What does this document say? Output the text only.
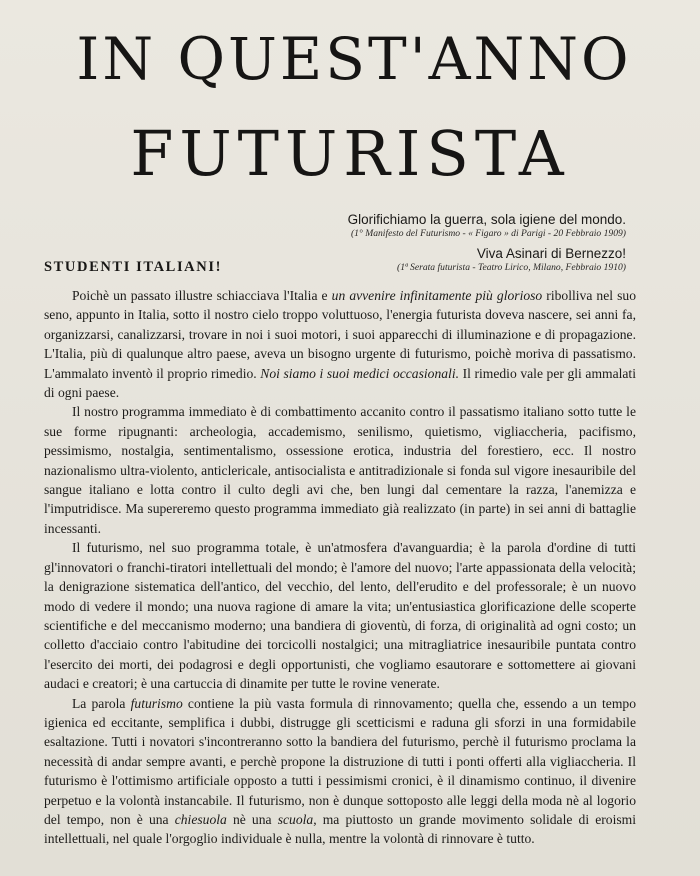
IN QUEST'ANNO
FUTURISTA
Glorifichiamo la guerra, sola igiene del mondo.
(1° Manifesto del Futurismo - « Figaro » di Parigi - 20 Febbraio 1909)
Viva Asinari di Bernezzo!
(1ª Serata futurista - Teatro Lirico, Milano, Febbraio 1910)
STUDENTI ITALIANI!

Poichè un passato illustre schiacciava l'Italia e un avvenire infinitamente più glorioso ribolliva nel suo seno, appunto in Italia, sotto il nostro cielo troppo voluttuoso, l'energia futurista doveva nascere, sei anni fa, organizzarsi, canalizzarsi, trovare in noi i suoi motori, i suoi apparecchi di illuminazione e di propagazione. L'Italia, più di qualunque altro paese, aveva un bisogno urgente di futurismo, poichè moriva di passatismo. L'ammalato inventò il proprio rimedio. Noi siamo i suoi medici occasionali. Il rimedio vale per gli ammalati di ogni paese.

Il nostro programma immediato è di combattimento accanito contro il passatismo italiano sotto tutte le sue forme ripugnanti: archeologia, accademismo, senilismo, quietismo, vigliaccheria, pacifismo, pessimismo, nostalgia, sentimentalismo, ossessione erotica, industria del forestiero, ecc. Il nostro nazionalismo ultra-violento, anticlericale, antisocialista e antitradizionale si fonda sul vigore inesauribile del sangue italiano e lotta contro il culto degli avi che, ben lungi dal cementare la razza, l'anemizza e l'imputridisce. Ma supereremo questo programma immediato già realizzato (in parte) in sei anni di battaglie incessanti.

Il futurismo, nel suo programma totale, è un'atmosfera d'avanguardia; è la parola d'ordine di tutti gl'innovatori o franchi-tiratori intellettuali del mondo; è l'amore del nuovo; l'arte appassionata della velocità; la denigrazione sistematica dell'antico, del vecchio, del lento, dell'erudito e del professorale; è un nuovo modo di vedere il mondo; una nuova ragione di amare la vita; un'entusiastica glorificazione delle scoperte scientifiche e del meccanismo moderno; una bandiera di gioventù, di forza, di originalità ad ogni costo; un colletto d'acciaio contro l'abitudine dei torcicolli nostalgici; una mitragliatrice inesauribile puntata contro l'esercito dei morti, dei podagrosi e degli opportunisti, che vogliamo esautorare e sottomettere ai giovani audaci e creatori; è una cartuccia di dinamite per tutte le rovine venerate.

La parola futurismo contiene la più vasta formula di rinnovamento; quella che, essendo a un tempo igienica ed eccitante, semplifica i dubbi, distrugge gli scetticismi e raduna gli sforzi in una formidabile esaltazione. Tutti i novatori s'incontreranno sotto la bandiera del futurismo, perchè il futurismo proclama la necessità di andar sempre avanti, e perchè propone la distruzione di tutti i ponti offerti alla vigliaccheria. Il futurismo è l'ottimismo artificiale opposto a tutti i pessimismi cronici, è il dinamismo continuo, il divenire perpetuo e la volontà instancabile. Il futurismo, non è dunque sottoposto alle leggi della moda nè al logorio del tempo, non è una chiesuola nè una scuola, ma piuttosto un grande movimento solidale di eroismi intellettuali, nel quale l'orgoglio individuale è nulla, mentre la volontà di rinnovare è tutto.
